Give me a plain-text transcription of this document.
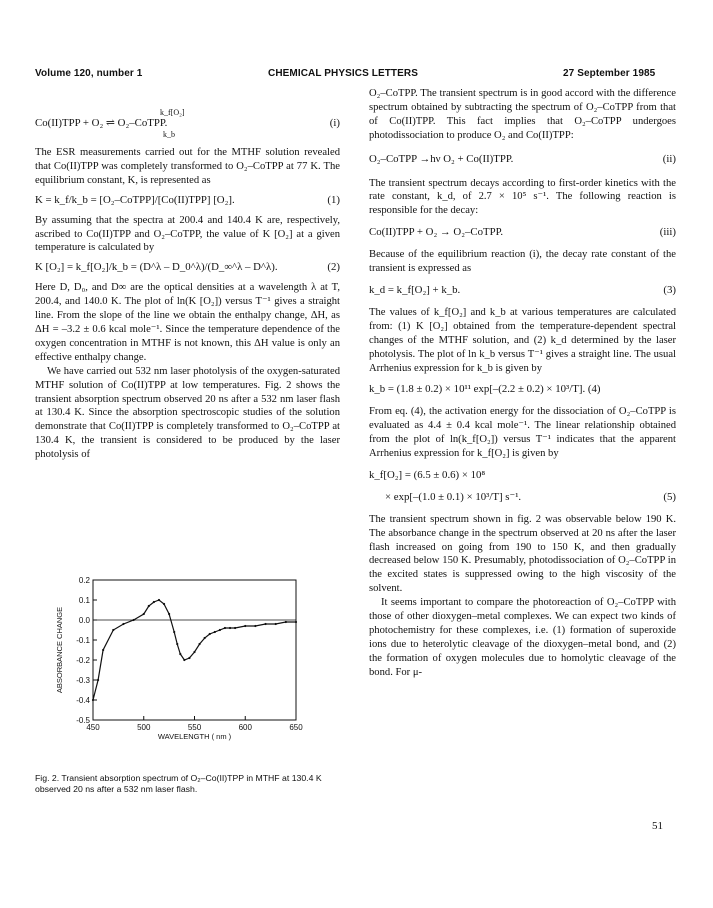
Volume 120, number 1	CHEMICAL PHYSICS LETTERS	27 September 1985
k_f[O₂]
k_b
Co(II)TPP + O₂ ⇌ O₂–CoTPP.	(i)

The ESR measurements carried out for the MTHF solution revealed that Co(II)TPP was completely transformed to O₂–CoTPP at 77 K. The equilibrium constant, K, is represented as

K = k_f/k_b = [O₂–CoTPP]/[Co(II)TPP] [O₂].	(1)

By assuming that the spectra at 200.4 and 140.4 K are, respectively, ascribed to Co(II)TPP and O₂–CoTPP, the value of K [O₂] at a given temperature is calculated by

K [O₂] = k_f[O₂]/k_b = (D^λ – D_0^λ)/(D_∞^λ – D^λ).	(2)

Here D, D₀, and D∞ are the optical densities at a wavelength λ at T, 200.4, and 140.0 K. The plot of ln(K [O₂]) versus T⁻¹ gives a straight line. From the slope of the line we obtain the enthalpy change, ΔH, as ΔH = –3.2 ± 0.6 kcal mole⁻¹. Since the temperature dependence of the oxygen concentration in MTHF is not known, this ΔH value is only an effective enthalpy change.

We have carried out 532 nm laser photolysis of the oxygen-saturated MTHF solution of Co(II)TPP at low temperatures. Fig. 2 shows the transient absorption spectrum observed 20 ns after a 532 nm laser flash at 130.4 K. Since the absorption spectroscopic studies of the solution demonstrate that Co(II)TPP is completely transformed to O₂–CoTPP at 130.4 K, the transient is considered to be produced by the laser photolysis of

0.2
0.1
0.0
-0.1
-0.2
-0.3
-0.4
-0.5
450	500	550	600	650
WAVELENGTH ( nm )
ABSORBANCE CHANGE
Fig. 2. Transient absorption spectrum of O₂–Co(II)TPP in MTHF at 130.4 K observed 20 ns after a 532 nm laser flash.

O₂–CoTPP. The transient spectrum is in good accord with the difference spectrum obtained by subtracting the spectrum of O₂–CoTPP from that of Co(II)TPP. This fact implies that O₂–CoTPP undergoes photodissociation to produce O₂ and Co(II)TPP:

O₂–CoTPP →hν O₂ + Co(II)TPP.	(ii)

The transient spectrum decays according to first-order kinetics with the rate constant, k_d, of 2.7 × 10⁵ s⁻¹. The following reaction is responsible for the decay:

Co(II)TPP + O₂ → O₂–CoTPP.	(iii)

Because of the equilibrium reaction (i), the decay rate constant of the transient is expressed as

k_d = k_f[O₂] + k_b.	(3)

The values of k_f[O₂] and k_b at various temperatures are calculated from: (1) K [O₂] obtained from the temperature-dependent spectral changes of the MTHF solution, and (2) k_d determined by the laser photolysis. The plot of ln k_b versus T⁻¹ gives a straight line. The usual Arrhenius expression for k_b is given by

k_b = (1.8 ± 0.2) × 10¹¹ exp[–(2.2 ± 0.2) × 10³/T]. (4)

From eq. (4), the activation energy for the dissociation of O₂–CoTPP is evaluated as 4.4 ± 0.4 kcal mole⁻¹. The linear relationship obtained from the plot of ln(k_f[O₂]) versus T⁻¹ indicates that the apparent Arrhenius expression for k_f[O₂] is given by

k_f[O₂] = (6.5 ± 0.6) × 10⁸
× exp[–(1.0 ± 0.1) × 10³/T] s⁻¹.	(5)

The transient spectrum shown in fig. 2 was observable below 190 K. The absorbance change in the spectrum observed at 20 ns after the laser flash increased on going from 190 to 150 K, and then gradually decreased below 150 K. Presumably, photodissociation of O₂–CoTPP in the excited states is suppressed owing to the high viscosity of the solvent.

It seems important to compare the photoreaction of O₂–CoTPP with those of other dioxygen–metal complexes. We can expect two kinds of photochemistry for these complexes, i.e. (1) formation of superoxide ions due to heterolytic cleavage of the dioxygen–metal bond, and (2) the formation of oxygen molecules due to homolytic cleavage of the bond. For μ-

51
